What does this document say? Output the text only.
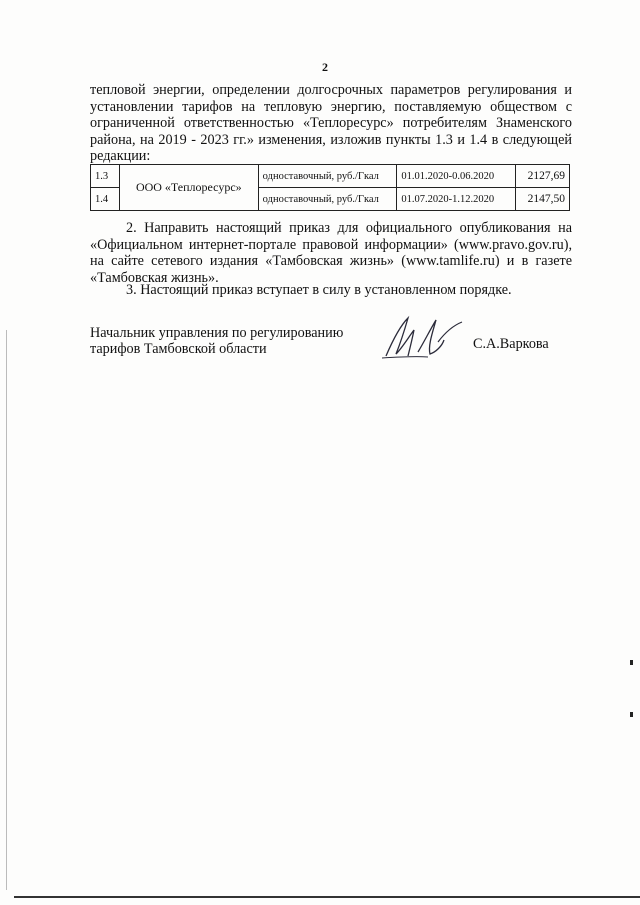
2
тепловой энергии, определении долгосрочных параметров регулирования и установлении тарифов на тепловую энергию, поставляемую обществом с ограниченной ответственностью «Теплоресурс» потребителям Знаменского района, на 2019 - 2023 гг.» изменения, изложив пункты 1.3 и 1.4 в следующей редакции:
1.3	ООО «Теплоресурс»	одноставочный, руб./Гкал	01.01.2020-0.06.2020	2127,69
1.4		одноставочный, руб./Гкал	01.07.2020-1.12.2020	2147,50
2. Направить настоящий приказ для официального опубликования на «Официальном интернет-портале правовой информации» (www.pravo.gov.ru), на сайте сетевого издания «Тамбовская жизнь» (www.tamlife.ru) и в газете «Тамбовская жизнь».
3. Настоящий приказ вступает в силу в установленном порядке.
Начальник управления по регулированию
тарифов Тамбовской области	С.А.Варкова
